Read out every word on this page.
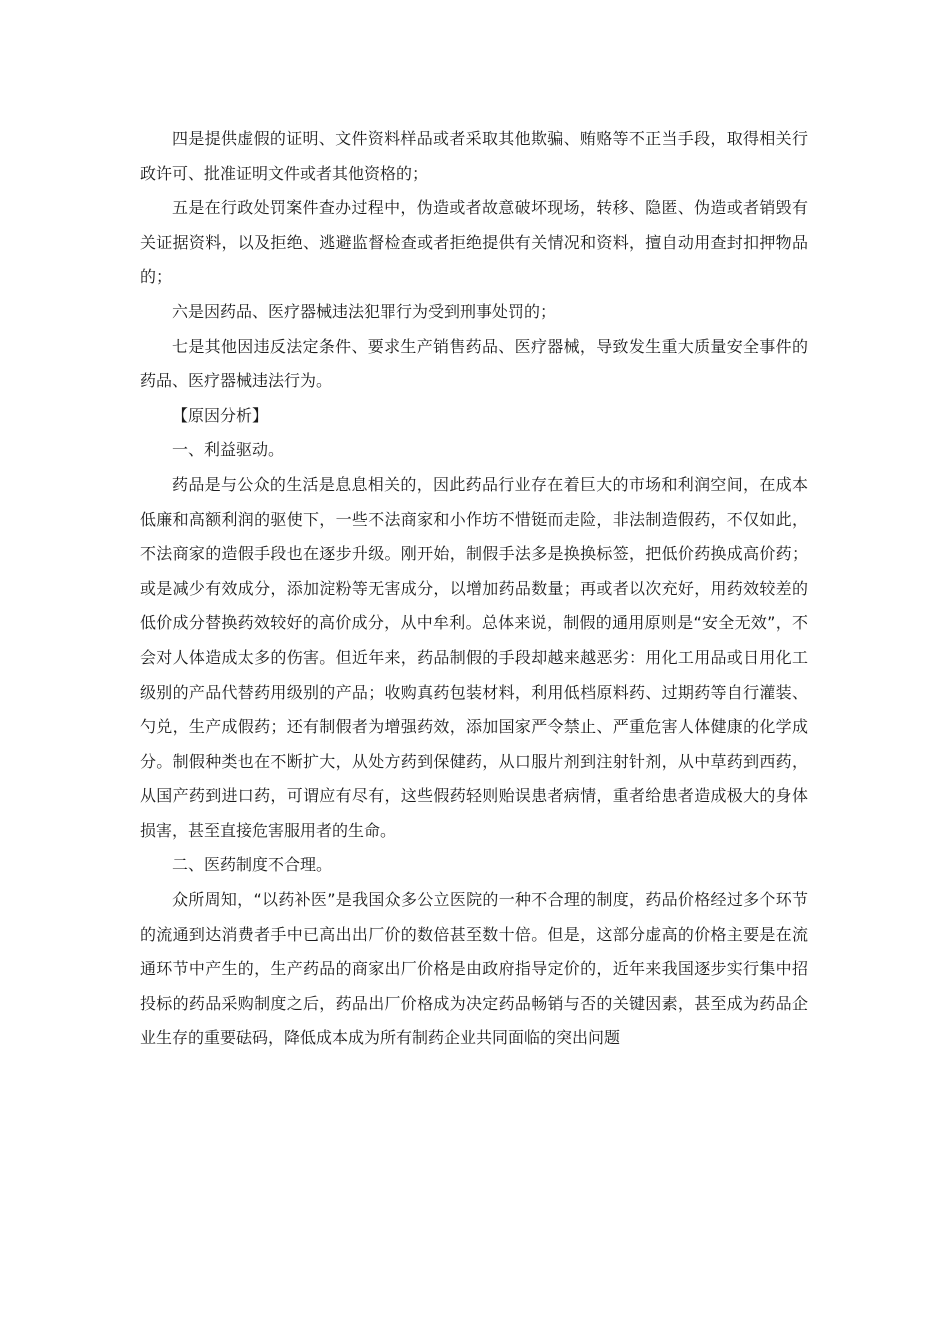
四是提供虚假的证明、文件资料样品或者采取其他欺骗、贿赂等不正当手段，取得相关行政许可、批准证明文件或者其他资格的；

五是在行政处罚案件查办过程中，伪造或者故意破坏现场，转移、隐匿、伪造或者销毁有关证据资料，以及拒绝、逃避监督检查或者拒绝提供有关情况和资料，擅自动用查封扣押物品的；

六是因药品、医疗器械违法犯罪行为受到刑事处罚的；

七是其他因违反法定条件、要求生产销售药品、医疗器械，导致发生重大质量安全事件的药品、医疗器械违法行为。

【原因分析】

一、利益驱动。

药品是与公众的生活是息息相关的，因此药品行业存在着巨大的市场和利润空间，在成本低廉和高额利润的驱使下，一些不法商家和小作坊不惜铤而走险，非法制造假药，不仅如此，不法商家的造假手段也在逐步升级。刚开始，制假手法多是换换标签，把低价药换成高价药；或是减少有效成分，添加淀粉等无害成分，以增加药品数量；再或者以次充好，用药效较差的低价成分替换药效较好的高价成分，从中牟利。总体来说，制假的通用原则是“安全无效”，不会对人体造成太多的伤害。但近年来，药品制假的手段却越来越恶劣：用化工用品或日用化工级别的产品代替药用级别的产品；收购真药包装材料，利用低档原料药、过期药等自行灌装、勺兑，生产成假药；还有制假者为增强药效，添加国家严令禁止、严重危害人体健康的化学成分。制假种类也在不断扩大，从处方药到保健药，从口服片剂到注射针剂，从中草药到西药，从国产药到进口药，可谓应有尽有，这些假药轻则贻误患者病情，重者给患者造成极大的身体损害，甚至直接危害服用者的生命。

二、医药制度不合理。

众所周知，“以药补医”是我国众多公立医院的一种不合理的制度，药品价格经过多个环节的流通到达消费者手中已高出出厂价的数倍甚至数十倍。但是，这部分虚高的价格主要是在流通环节中产生的，生产药品的商家出厂价格是由政府指导定价的，近年来我国逐步实行集中招投标的药品采购制度之后，药品出厂价格成为决定药品畅销与否的关键因素，甚至成为药品企业生存的重要砝码，降低成本成为所有制药企业共同面临的突出问题
